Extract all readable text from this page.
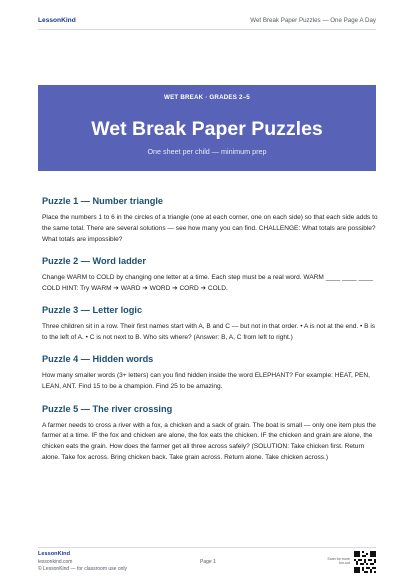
LessonKind	Wet Break Paper Puzzles — One Page A Day
WET BREAK · GRADES 2–5
Wet Break Paper Puzzles
One sheet per child — minimum prep
Puzzle 1 — Number triangle

Place the numbers 1 to 6 in the circles of a triangle (one at each corner, one on each side) so that each side adds to the same total. There are several solutions — see how many you can find. CHALLENGE: What totals are possible? What totals are impossible?

Puzzle 2 — Word ladder

Change WARM to COLD by changing one letter at a time. Each step must be a real word. WARM ____ ____ ____ COLD HINT: Try WARM ➔ WARD ➔ WORD ➔ CORD ➔ COLD.

Puzzle 3 — Letter logic

Three children sit in a row. Their first names start with A, B and C — but not in that order. • A is not at the end. • B is to the left of A. • C is not next to B. Who sits where? (Answer: B, A, C from left to right.)

Puzzle 4 — Hidden words

How many smaller words (3+ letters) can you find hidden inside the word ELEPHANT? For example: HEAT, PEN, LEAN, ANT. Find 15 to be a champion. Find 25 to be amazing.

Puzzle 5 — The river crossing

A farmer needs to cross a river with a fox, a chicken and a sack of grain. The boat is small — only one item plus the farmer at a time. IF the fox and chicken are alone, the fox eats the chicken. IF the chicken and grain are alone, the chicken eats the grain. How does the farmer get all three across safely? (SOLUTION: Take chicken first. Return alone. Take fox across. Bring chicken back. Take grain across. Return alone. Take chicken across.)

LessonKind
lessonkind.com
© LessonKind — for classroom use only
Page 1	Scan for more fun-out
